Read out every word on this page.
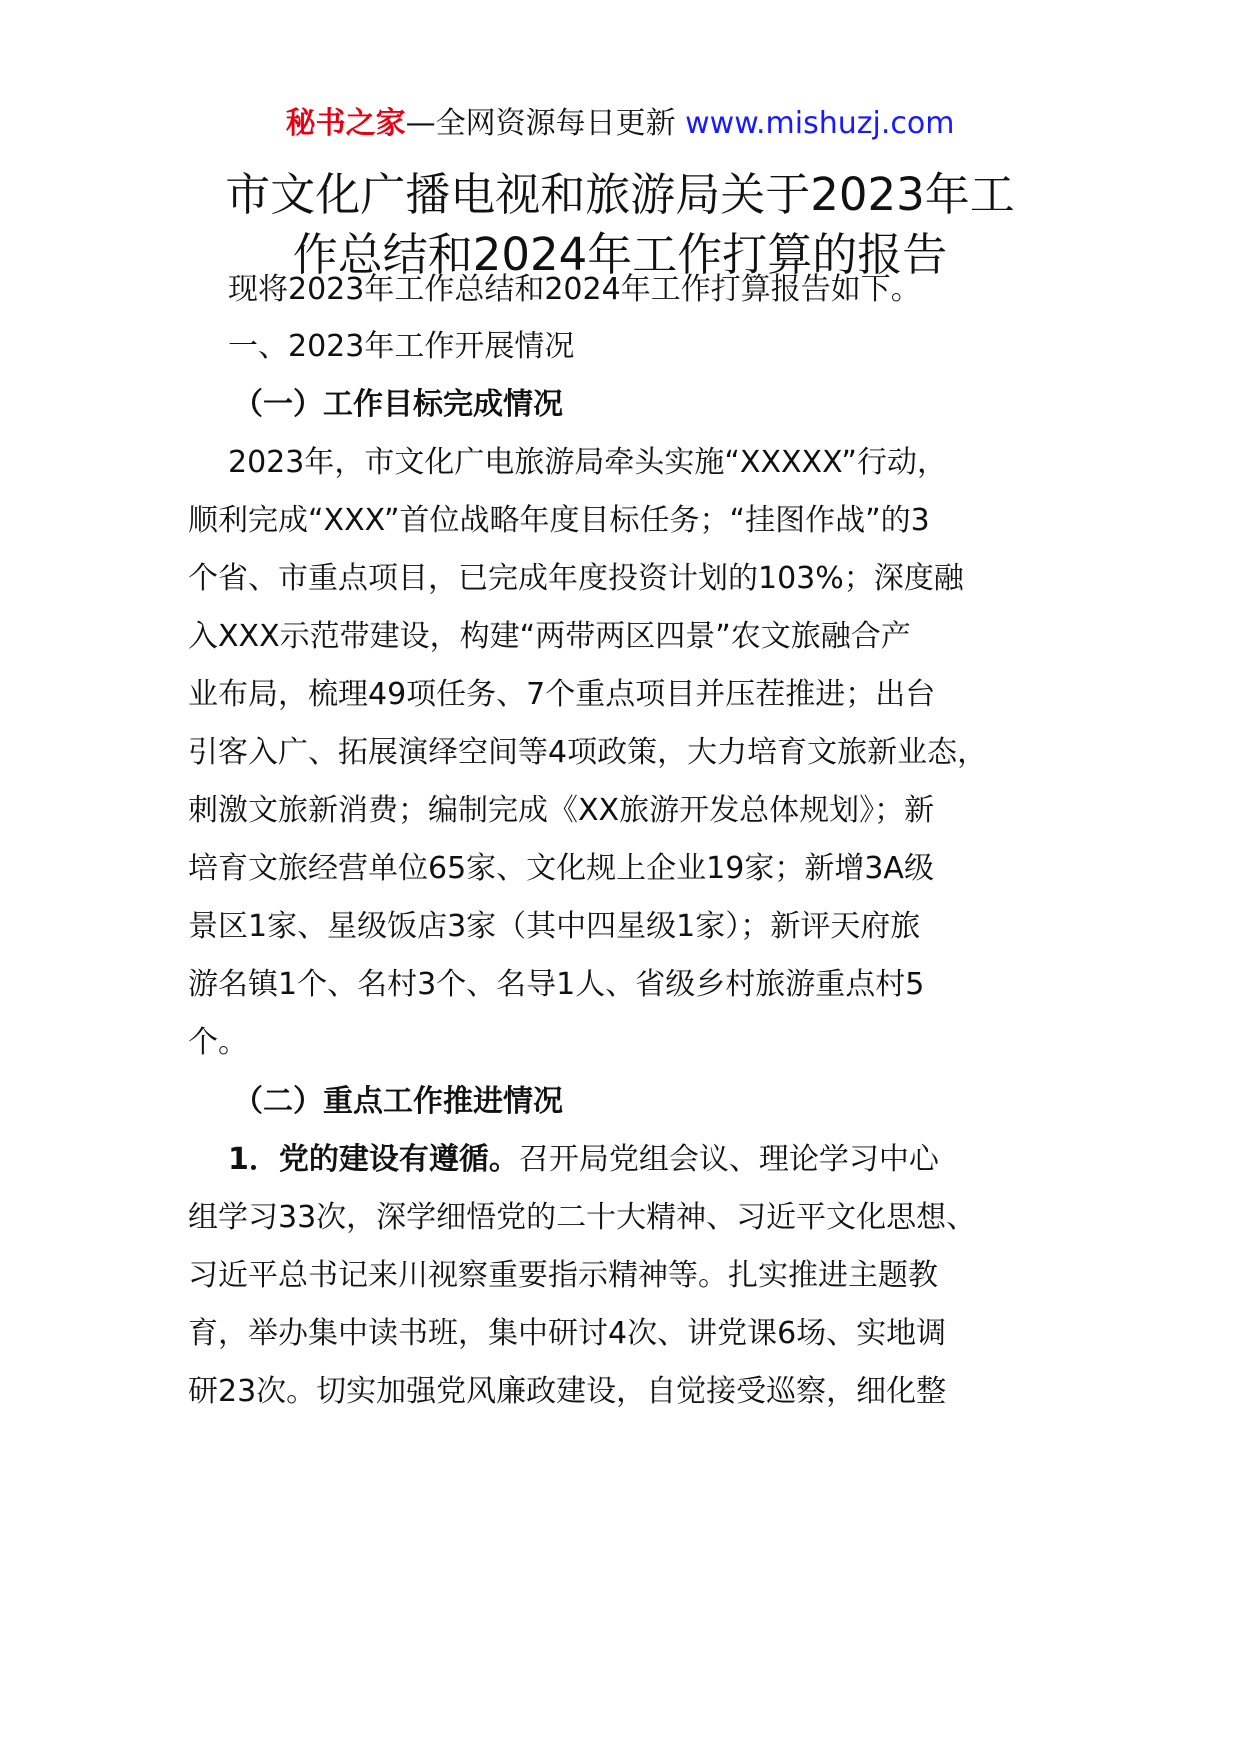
秘书之家—全网资源每日更新 www.mishuzj.com
市文化广播电视和旅游局关于2023年工
作总结和2024年工作打算的报告
现将2023年工作总结和2024年工作打算报告如下。
一、2023年工作开展情况
（一）工作目标完成情况
2023年，市文化广电旅游局牵头实施“XXXXX”行动，
顺利完成“XXX”首位战略年度目标任务；“挂图作战”的3
个省、市重点项目，已完成年度投资计划的103%；深度融
入XXX示范带建设，构建“两带两区四景”农文旅融合产
业布局，梳理49项任务、7个重点项目并压茬推进；出台
引客入广、拓展演绎空间等4项政策，大力培育文旅新业态，
刺激文旅新消费；编制完成《XX旅游开发总体规划》；新
培育文旅经营单位65家、文化规上企业19家；新增3A级
景区1家、星级饭店3家（其中四星级1家）；新评天府旅
游名镇1个、名村3个、名导1人、省级乡村旅游重点村5
个。
（二）重点工作推进情况
1．党的建设有遵循。召开局党组会议、理论学习中心
组学习33次，深学细悟党的二十大精神、习近平文化思想、
习近平总书记来川视察重要指示精神等。扎实推进主题教
育，举办集中读书班，集中研讨4次、讲党课6场、实地调
研23次。切实加强党风廉政建设，自觉接受巡察，细化整
